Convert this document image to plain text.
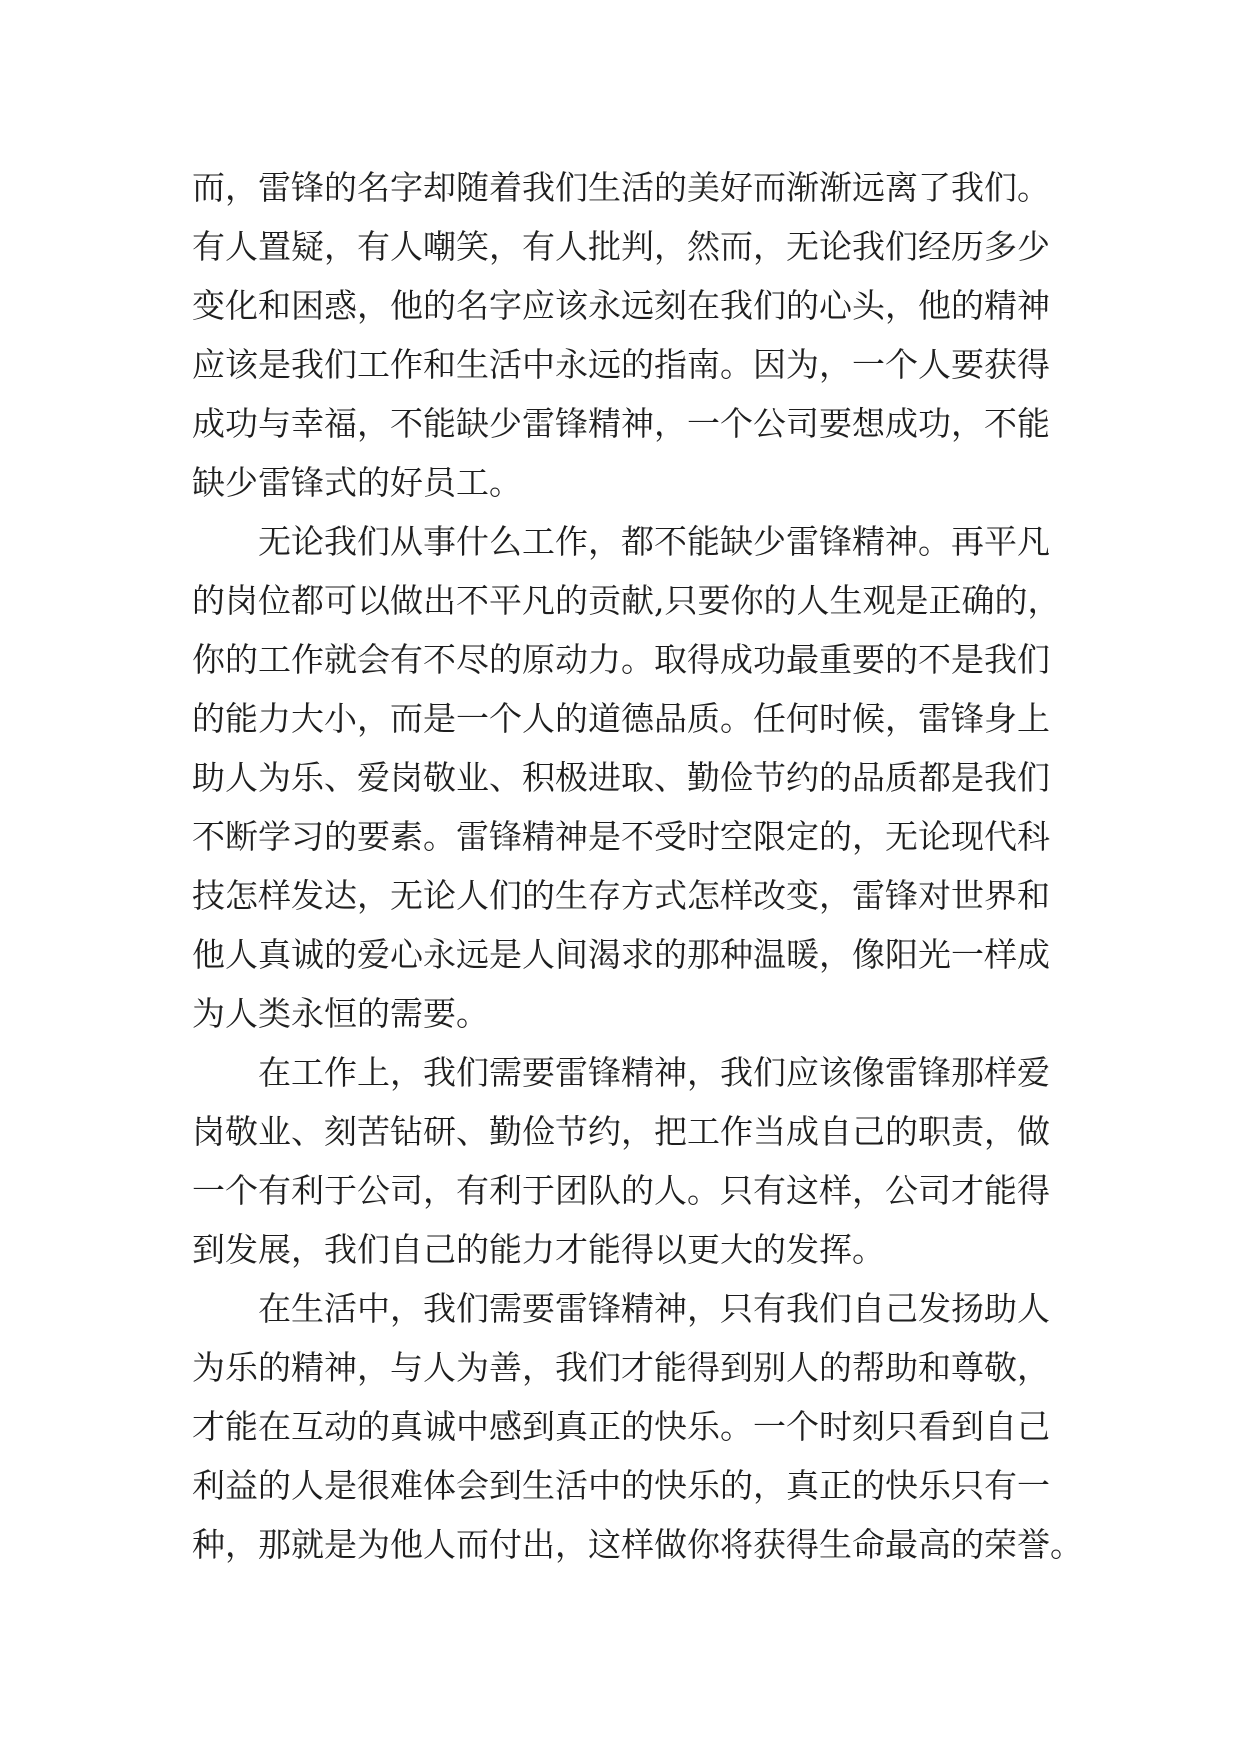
而，雷锋的名字却随着我们生活的美好而渐渐远离了我们。
有人置疑，有人嘲笑，有人批判，然而，无论我们经历多少
变化和困惑，他的名字应该永远刻在我们的心头，他的精神
应该是我们工作和生活中永远的指南。因为，一个人要获得
成功与幸福，不能缺少雷锋精神，一个公司要想成功，不能
缺少雷锋式的好员工。
无论我们从事什么工作，都不能缺少雷锋精神。再平凡
的岗位都可以做出不平凡的贡献,只要你的人生观是正确的，
你的工作就会有不尽的原动力。取得成功最重要的不是我们
的能力大小，而是一个人的道德品质。任何时候，雷锋身上
助人为乐、爱岗敬业、积极进取、勤俭节约的品质都是我们
不断学习的要素。雷锋精神是不受时空限定的，无论现代科
技怎样发达，无论人们的生存方式怎样改变，雷锋对世界和
他人真诚的爱心永远是人间渴求的那种温暖，像阳光一样成
为人类永恒的需要。
在工作上，我们需要雷锋精神，我们应该像雷锋那样爱
岗敬业、刻苦钻研、勤俭节约，把工作当成自己的职责，做
一个有利于公司，有利于团队的人。只有这样，公司才能得
到发展，我们自己的能力才能得以更大的发挥。
在生活中，我们需要雷锋精神，只有我们自己发扬助人
为乐的精神，与人为善，我们才能得到别人的帮助和尊敬，
才能在互动的真诚中感到真正的快乐。一个时刻只看到自己
利益的人是很难体会到生活中的快乐的，真正的快乐只有一
种，那就是为他人而付出，这样做你将获得生命最高的荣誉。
